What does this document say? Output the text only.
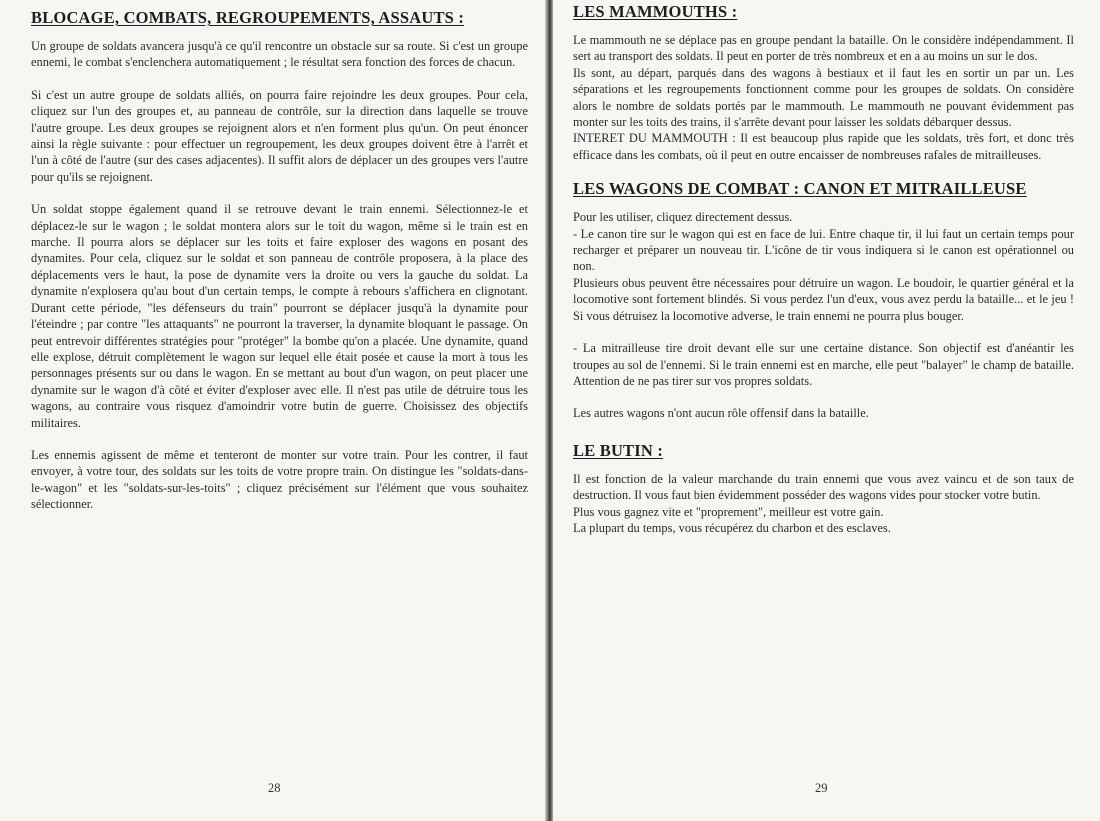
BLOCAGE, COMBATS, REGROUPEMENTS, ASSAUTS :

Un groupe de soldats avancera jusqu'à ce qu'il rencontre un obstacle sur sa route. Si c'est un groupe ennemi, le combat s'enclenchera automatiquement ; le résultat sera fonction des forces de chacun.

Si c'est un autre groupe de soldats alliés, on pourra faire rejoindre les deux groupes. Pour cela, cliquez sur l'un des groupes et, au panneau de contrôle, sur la direction dans laquelle se trouve l'autre groupe. Les deux groupes se rejoignent alors et n'en forment plus qu'un. On peut énoncer ainsi la règle suivante : pour effectuer un regroupement, les deux groupes doivent être à l'arrêt et l'un à côté de l'autre (sur des cases adjacentes). Il suffit alors de déplacer un des groupes vers l'autre pour qu'ils se rejoignent.

Un soldat stoppe également quand il se retrouve devant le train ennemi. Sélectionnez-le et déplacez-le sur le wagon ; le soldat montera alors sur le toit du wagon, même si le train est en marche. Il pourra alors se déplacer sur les toits et faire exploser des wagons en posant des dynamites. Pour cela, cliquez sur le soldat et son panneau de contrôle proposera, à la place des déplacements vers le haut, la pose de dynamite vers la droite ou vers la gauche du soldat. La dynamite n'explosera qu'au bout d'un certain temps, le compte à rebours s'affichera en clignotant. Durant cette période, "les défenseurs du train" pourront se déplacer jusqu'à la dynamite pour l'éteindre ; par contre "les attaquants" ne pourront la traverser, la dynamite bloquant le passage. On peut entrevoir différentes stratégies pour "protéger" la bombe qu'on a placée. Une dynamite, quand elle explose, détruit complètement le wagon sur lequel elle était posée et cause la mort à tous les personnages présents sur ou dans le wagon. En se mettant au bout d'un wagon, on peut placer une dynamite sur le wagon d'à côté et éviter d'exploser avec elle. Il n'est pas utile de détruire tous les wagons, au contraire vous risquez d'amoindrir votre butin de guerre. Choisissez des objectifs militaires.

Les ennemis agissent de même et tenteront de monter sur votre train. Pour les contrer, il faut envoyer, à votre tour, des soldats sur les toits de votre propre train. On distingue les "soldats-dans-le-wagon" et les "soldats-sur-les-toits" ; cliquez précisément sur l'élément que vous souhaitez sélectionner.

28
LES MAMMOUTHS :

Le mammouth ne se déplace pas en groupe pendant la bataille. On le considère indépendamment. Il sert au transport des soldats. Il peut en porter de très nombreux et en a au moins un sur le dos.
Ils sont, au départ, parqués dans des wagons à bestiaux et il faut les en sortir un par un. Les séparations et les regroupements fonctionnent comme pour les groupes de soldats. On considère alors le nombre de soldats portés par le mammouth. Le mammouth ne pouvant évidemment pas monter sur les toits des trains, il s'arrête devant pour laisser les soldats débarquer dessus.
INTERET DU MAMMOUTH : Il est beaucoup plus rapide que les soldats, très fort, et donc très efficace dans les combats, où il peut en outre encaisser de nombreuses rafales de mitrailleuses.

LES WAGONS DE COMBAT : CANON ET MITRAILLEUSE

Pour les utiliser, cliquez directement dessus.
- Le canon tire sur le wagon qui est en face de lui. Entre chaque tir, il lui faut un certain temps pour recharger et préparer un nouveau tir. L'icône de tir vous indiquera si le canon est opérationnel ou non.
Plusieurs obus peuvent être nécessaires pour détruire un wagon. Le boudoir, le quartier général et la locomotive sont fortement blindés. Si vous perdez l'un d'eux, vous avez perdu la bataille... et le jeu ! Si vous détruisez la locomotive adverse, le train ennemi ne pourra plus bouger.

- La mitrailleuse tire droit devant elle sur une certaine distance. Son objectif est d'anéantir les troupes au sol de l'ennemi. Si le train ennemi est en marche, elle peut "balayer" le champ de bataille. Attention de ne pas tirer sur vos propres soldats.

Les autres wagons n'ont aucun rôle offensif dans la bataille.

LE BUTIN :

Il est fonction de la valeur marchande du train ennemi que vous avez vaincu et de son taux de destruction. Il vous faut bien évidemment posséder des wagons vides pour stocker votre butin.
Plus vous gagnez vite et "proprement", meilleur est votre gain.
La plupart du temps, vous récupérez du charbon et des esclaves.

29
